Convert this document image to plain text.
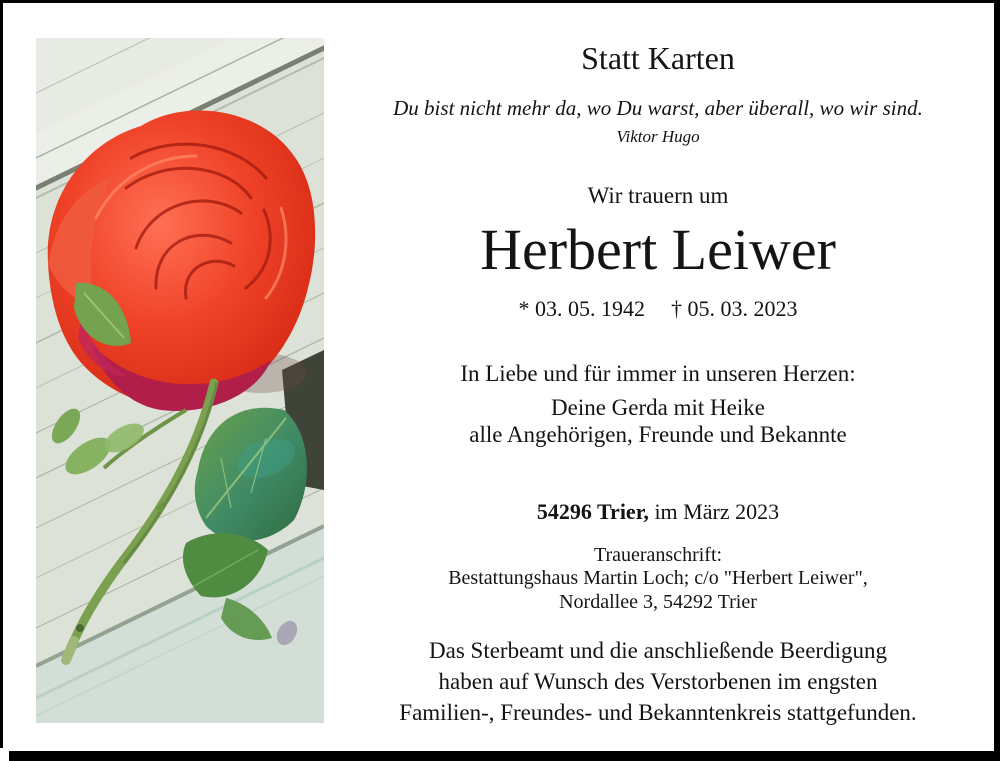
Statt Karten
Du bist nicht mehr da, wo Du warst, aber überall, wo wir sind.
Viktor Hugo
Wir trauern um
Herbert Leiwer
* 03. 05. 1942 † 05. 03. 2023
In Liebe und für immer in unseren Herzen:
Deine Gerda mit Heike
alle Angehörigen, Freunde und Bekannte
54296 Trier, im März 2023
Traueranschrift:
Bestattungshaus Martin Loch; c/o "Herbert Leiwer",
Nordallee 3, 54292 Trier
Das Sterbeamt und die anschließende Beerdigung
haben auf Wunsch des Verstorbenen im engsten
Familien-, Freundes- und Bekanntenkreis stattgefunden.
